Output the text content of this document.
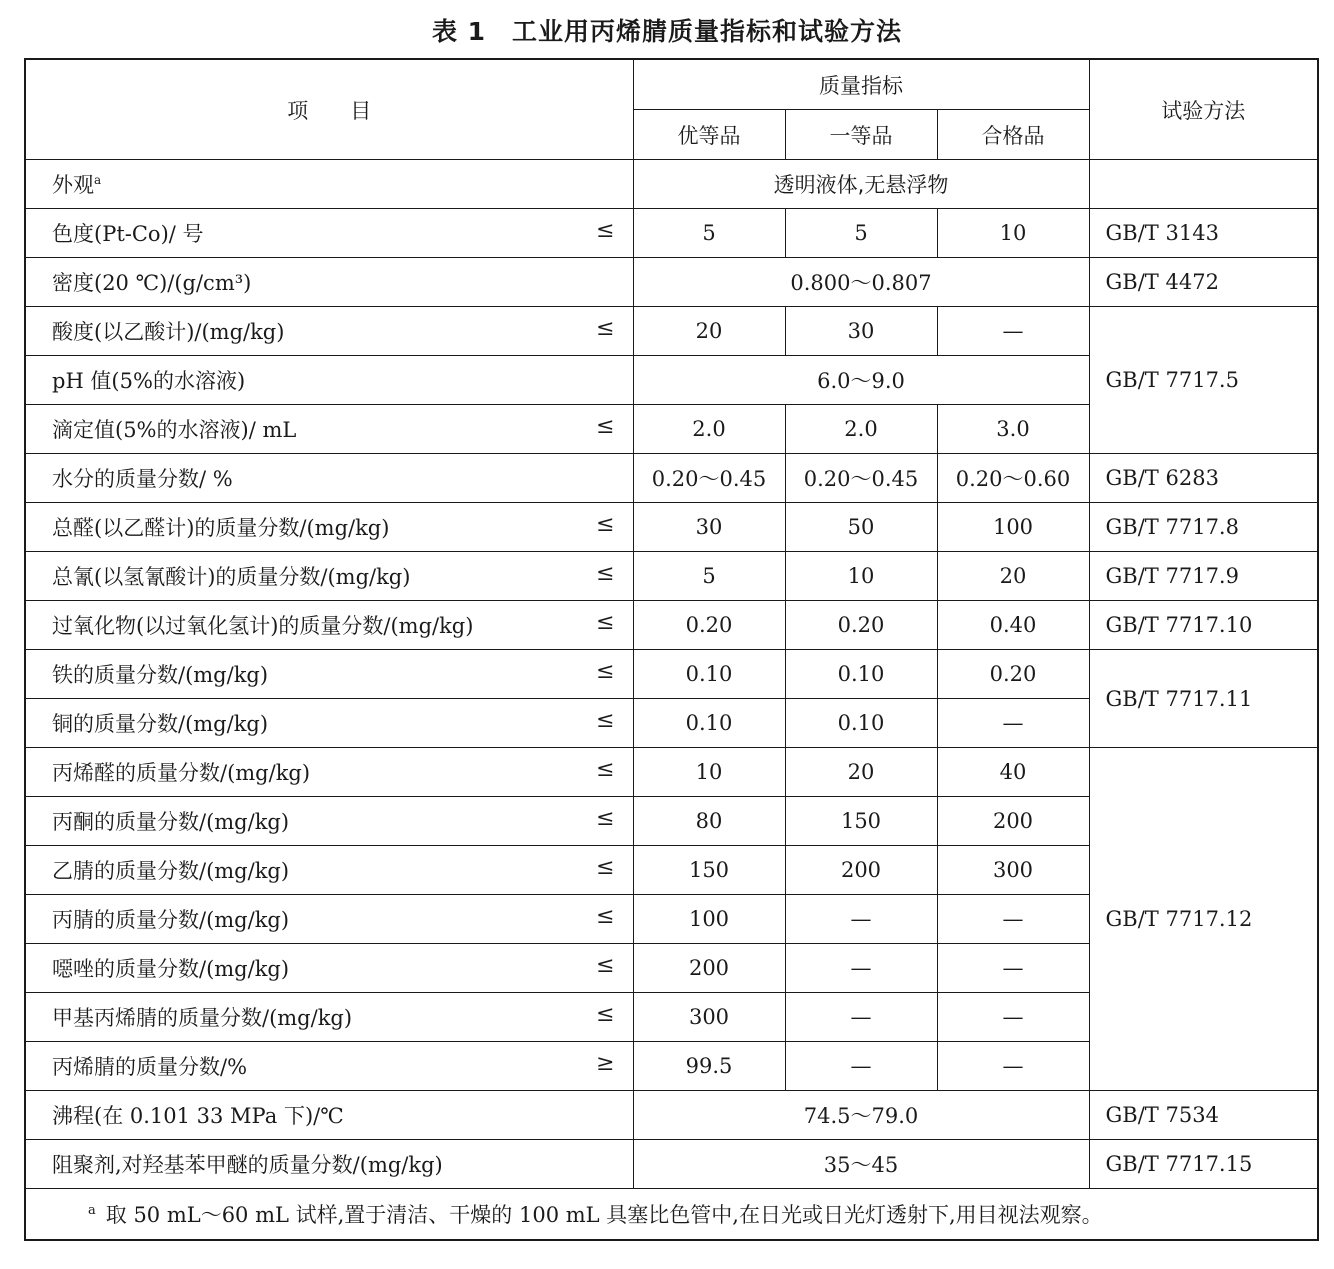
表 1　工业用丙烯腈质量指标和试验方法
项　　目	质量指标			试验方法
	优等品	一等品	合格品	
外观$^a$	透明液体,无悬浮物			
色度(Pt-Co)/ 号 ≤	5	5	10	GB/T 3143
密度(20 ℃)/(g/cm³)	0.800～0.807			GB/T 4472
酸度(以乙酸计)/(mg/kg) ≤	20	30	—	GB/T 7717.5
pH 值(5%的水溶液)	6.0～9.0			
滴定值(5%的水溶液)/ mL ≤	2.0	2.0	3.0	
水分的质量分数/ %	0.20～0.45	0.20～0.45	0.20～0.60	GB/T 6283
总醛(以乙醛计)的质量分数/(mg/kg) ≤	30	50	100	GB/T 7717.8
总氰(以氢氰酸计)的质量分数/(mg/kg) ≤	5	10	20	GB/T 7717.9
过氧化物(以过氧化氢计)的质量分数/(mg/kg) ≤	0.20	0.20	0.40	GB/T 7717.10
铁的质量分数/(mg/kg) ≤	0.10	0.10	0.20	GB/T 7717.11
铜的质量分数/(mg/kg) ≤	0.10	0.10	—	
丙烯醛的质量分数/(mg/kg) ≤	10	20	40	GB/T 7717.12
丙酮的质量分数/(mg/kg) ≤	80	150	200	
乙腈的质量分数/(mg/kg) ≤	150	200	300	
丙腈的质量分数/(mg/kg) ≤	100	—	—	
噁唑的质量分数/(mg/kg) ≤	200	—	—	
甲基丙烯腈的质量分数/(mg/kg) ≤	300	—	—	
丙烯腈的质量分数/% ≥	99.5	—	—	
沸程(在 0.101 33 MPa 下)/℃	74.5～79.0			GB/T 7534
阻聚剂,对羟基苯甲醚的质量分数/(mg/kg)	35～45			GB/T 7717.15
$^a$ 取 50 mL～60 mL 试样,置于清洁、干燥的 100 mL 具塞比色管中,在日光或日光灯透射下,用目视法观察。				
